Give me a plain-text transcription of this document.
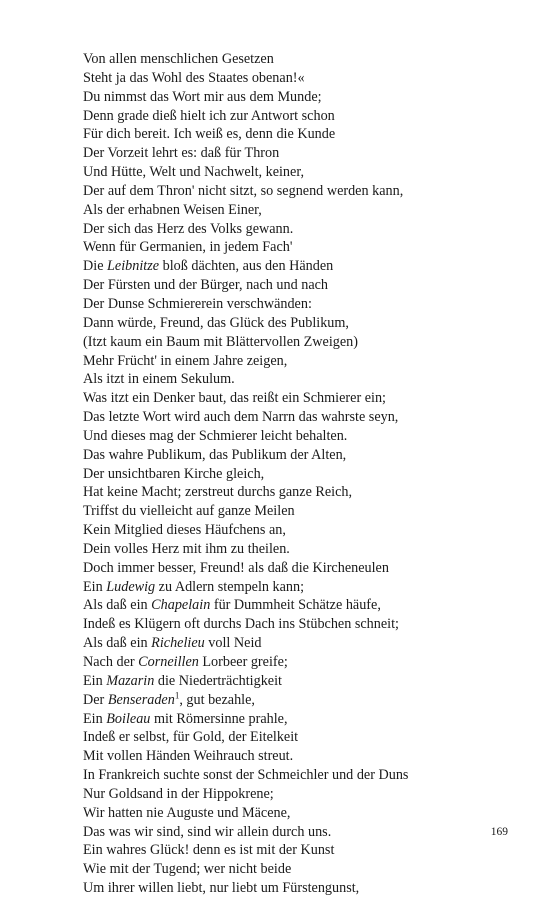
Von allen menschlichen Gesetzen
Steht ja das Wohl des Staates obenan!«
Du nimmst das Wort mir aus dem Munde;
Denn grade dieß hielt ich zur Antwort schon
Für dich bereit. Ich weiß es, denn die Kunde
Der Vorzeit lehrt es: daß für Thron
Und Hütte, Welt und Nachwelt, keiner,
Der auf dem Thron' nicht sitzt, so segnend werden kann,
Als der erhabnen Weisen Einer,
Der sich das Herz des Volks gewann.
Wenn für Germanien, in jedem Fach'
Die Leibnitze bloß dächten, aus den Händen
Der Fürsten und der Bürger, nach und nach
Der Dunse Schmiererein verschwänden:
Dann würde, Freund, das Glück des Publikum,
(Itzt kaum ein Baum mit Blättervollen Zweigen)
Mehr Frücht' in einem Jahre zeigen,
Als itzt in einem Sekulum.
Was itzt ein Denker baut, das reißt ein Schmierer ein;
Das letzte Wort wird auch dem Narrn das wahrste seyn,
Und dieses mag der Schmierer leicht behalten.
Das wahre Publikum, das Publikum der Alten,
Der unsichtbaren Kirche gleich,
Hat keine Macht; zerstreut durchs ganze Reich,
Triffst du vielleicht auf ganze Meilen
Kein Mitglied dieses Häufchens an,
Dein volles Herz mit ihm zu theilen.
Doch immer besser, Freund! als daß die Kircheneulen
Ein Ludewig zu Adlern stempeln kann;
Als daß ein Chapelain für Dummheit Schätze häufe,
Indeß es Klügern oft durchs Dach ins Stübchen schneit;
Als daß ein Richelieu voll Neid
Nach der Corneillen Lorbeer greife;
Ein Mazarin die Niederträchtigkeit
Der Benseraden$^1$, gut bezahle,
Ein Boileau mit Römersinne prahle,
Indeß er selbst, für Gold, der Eitelkeit
Mit vollen Händen Weihrauch streut.
In Frankreich suchte sonst der Schmeichler und der Duns
Nur Goldsand in der Hippokrene;
Wir hatten nie Auguste und Mäcene,
Das was wir sind, sind wir allein durch uns.
Ein wahres Glück! denn es ist mit der Kunst
Wie mit der Tugend; wer nicht beide
Um ihrer willen liebt, nur liebt um Fürstengunst,
169
